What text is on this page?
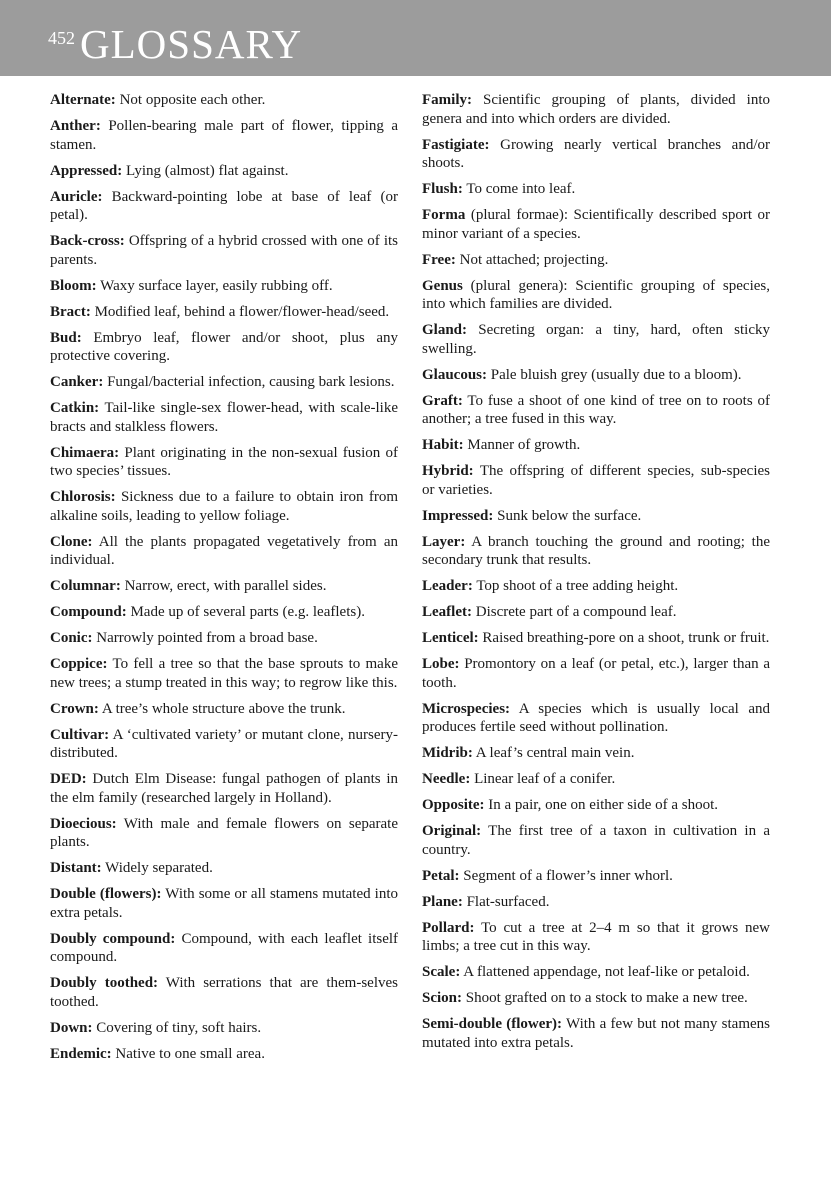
452 GLOSSARY

Alternate: Not opposite each other.

Anther: Pollen-bearing male part of flower, tipping a stamen.

Appressed: Lying (almost) flat against.

Auricle: Backward-pointing lobe at base of leaf (or petal).

Back-cross: Offspring of a hybrid crossed with one of its parents.

Bloom: Waxy surface layer, easily rubbing off.

Bract: Modified leaf, behind a flower/flower-head/seed.

Bud: Embryo leaf, flower and/or shoot, plus any protective covering.

Canker: Fungal/bacterial infection, causing bark lesions.

Catkin: Tail-like single-sex flower-head, with scale-like bracts and stalkless flowers.

Chimaera: Plant originating in the non-sexual fusion of two species’ tissues.

Chlorosis: Sickness due to a failure to obtain iron from alkaline soils, leading to yellow foliage.

Clone: All the plants propagated vegetatively from an individual.

Columnar: Narrow, erect, with parallel sides.

Compound: Made up of several parts (e.g. leaflets).

Conic: Narrowly pointed from a broad base.

Coppice: To fell a tree so that the base sprouts to make new trees; a stump treated in this way; to regrow like this.

Crown: A tree’s whole structure above the trunk.

Cultivar: A ‘cultivated variety’ or mutant clone, nursery-distributed.

DED: Dutch Elm Disease: fungal pathogen of plants in the elm family (researched largely in Holland).

Dioecious: With male and female flowers on separate plants.

Distant: Widely separated.

Double (flowers): With some or all stamens mutated into extra petals.

Doubly compound: Compound, with each leaflet itself compound.

Doubly toothed: With serrations that are them-selves toothed.

Down: Covering of tiny, soft hairs.

Endemic: Native to one small area.

Family: Scientific grouping of plants, divided into genera and into which orders are divided.

Fastigiate: Growing nearly vertical branches and/or shoots.

Flush: To come into leaf.

Forma (plural formae): Scientifically described sport or minor variant of a species.

Free: Not attached; projecting.

Genus (plural genera): Scientific grouping of species, into which families are divided.

Gland: Secreting organ: a tiny, hard, often sticky swelling.

Glaucous: Pale bluish grey (usually due to a bloom).

Graft: To fuse a shoot of one kind of tree on to roots of another; a tree fused in this way.

Habit: Manner of growth.

Hybrid: The offspring of different species, sub-species or varieties.

Impressed: Sunk below the surface.

Layer: A branch touching the ground and rooting; the secondary trunk that results.

Leader: Top shoot of a tree adding height.

Leaflet: Discrete part of a compound leaf.

Lenticel: Raised breathing-pore on a shoot, trunk or fruit.

Lobe: Promontory on a leaf (or petal, etc.), larger than a tooth.

Microspecies: A species which is usually local and produces fertile seed without pollination.

Midrib: A leaf’s central main vein.

Needle: Linear leaf of a conifer.

Opposite: In a pair, one on either side of a shoot.

Original: The first tree of a taxon in cultivation in a country.

Petal: Segment of a flower’s inner whorl.

Plane: Flat-surfaced.

Pollard: To cut a tree at 2–4 m so that it grows new limbs; a tree cut in this way.

Scale: A flattened appendage, not leaf-like or petaloid.

Scion: Shoot grafted on to a stock to make a new tree.

Semi-double (flower): With a few but not many stamens mutated into extra petals.
